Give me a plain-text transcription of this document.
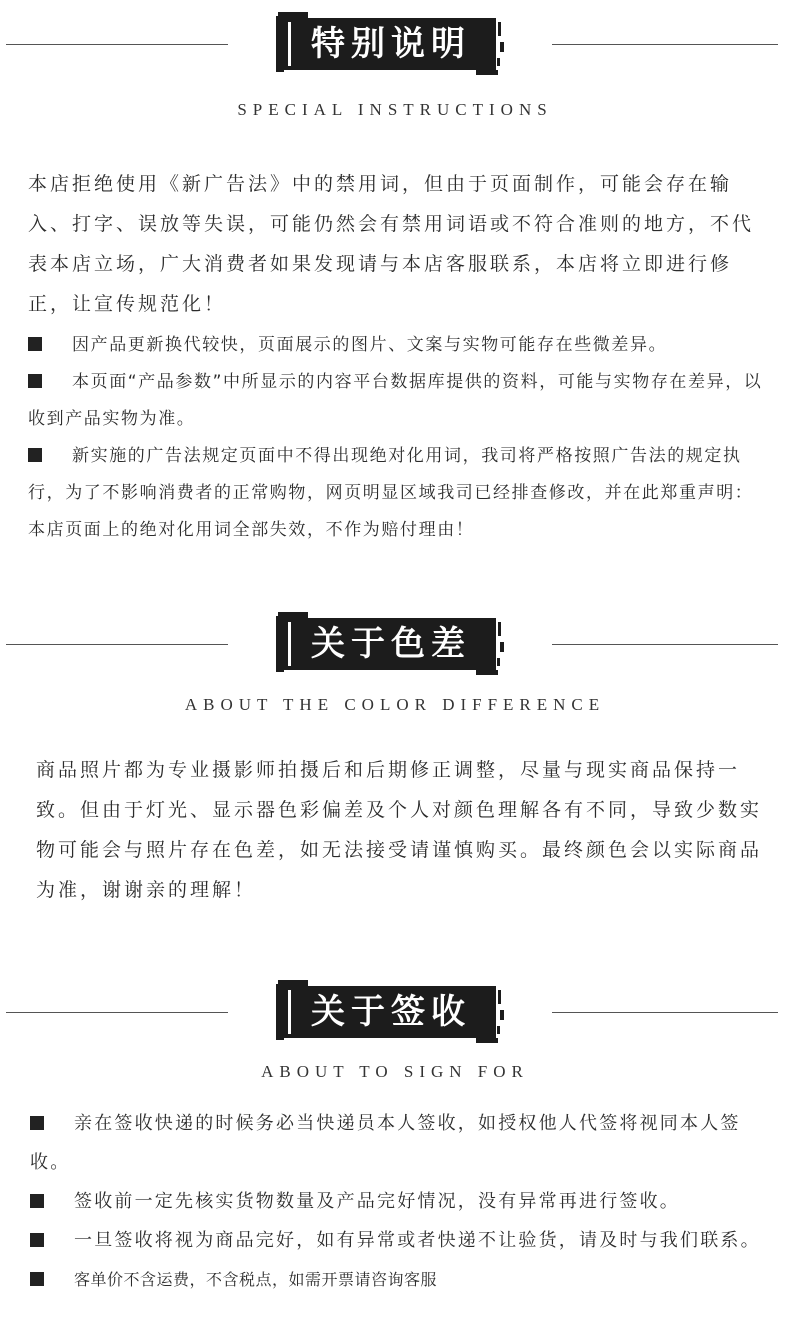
特别说明
SPECIAL INSTRUCTIONS

本店拒绝使用《新广告法》中的禁用词，但由于页面制作，可能会存在输入、打字、误放等失误，可能仍然会有禁用词语或不符合准则的地方，不代表本店立场，广大消费者如果发现请与本店客服联系，本店将立即进行修正，让宣传规范化！

因产品更新换代较快，页面展示的图片、文案与实物可能存在些微差异。
本页面“产品参数”中所显示的内容平台数据库提供的资料，可能与实物存在差异，以收到产品实物为准。
新实施的广告法规定页面中不得出现绝对化用词，我司将严格按照广告法的规定执行，为了不影响消费者的正常购物，网页明显区域我司已经排查修改，并在此郑重声明：本店页面上的绝对化用词全部失效，不作为赔付理由！
关于色差
ABOUT THE COLOR DIFFERENCE

商品照片都为专业摄影师拍摄后和后期修正调整，尽量与现实商品保持一致。但由于灯光、显示器色彩偏差及个人对颜色理解各有不同，导致少数实物可能会与照片存在色差，如无法接受请谨慎购买。最终颜色会以实际商品为准，谢谢亲的理解！

关于签收
ABOUT TO SIGN FOR
亲在签收快递的时候务必当快递员本人签收，如授权他人代签将视同本人签收。
签收前一定先核实货物数量及产品完好情况，没有异常再进行签收。
一旦签收将视为商品完好，如有异常或者快递不让验货，请及时与我们联系。
客单价不含运费，不含税点，如需开票请咨询客服
